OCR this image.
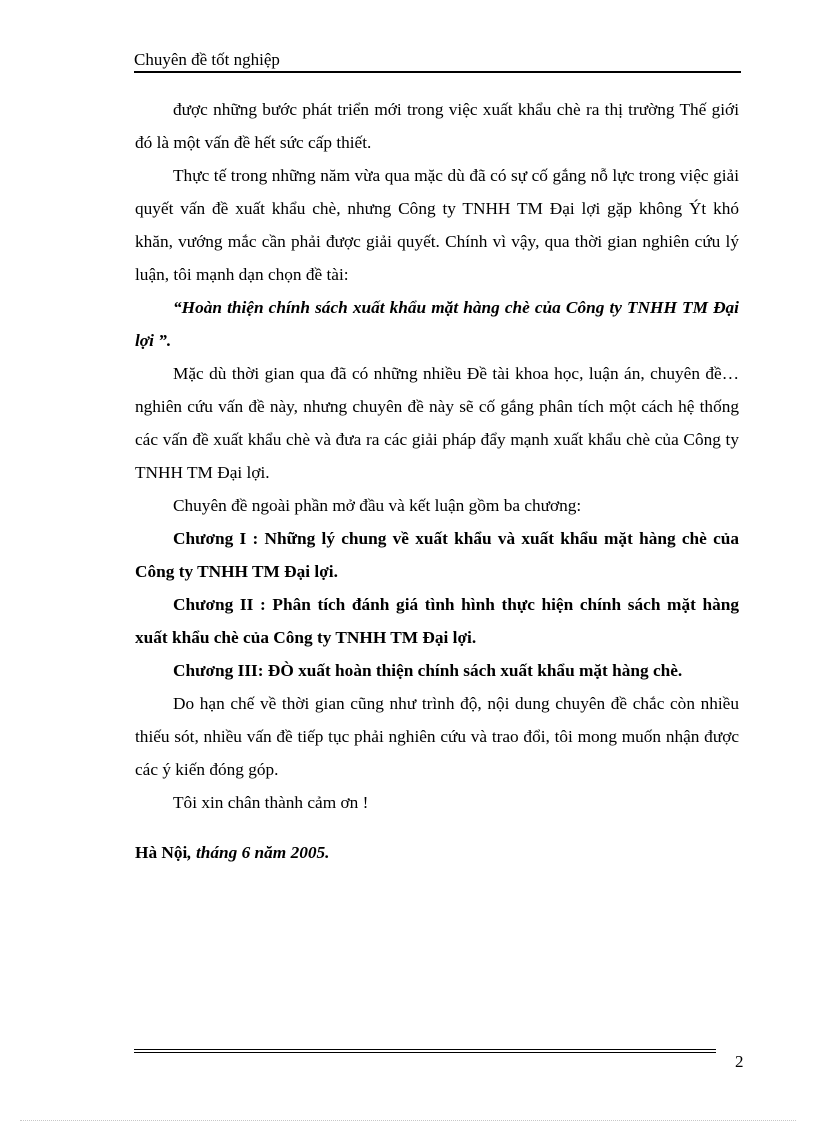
Chuyên đề tốt nghiệp

được những bước phát triển mới trong việc xuất khẩu chè ra thị trường Thế giới đó là một vấn đề hết sức cấp thiết.

Thực tế trong những năm vừa qua mặc dù đã có sự cố gắng nỗ lực trong việc giải quyết vấn đề xuất khẩu chè, nhưng Công ty TNHH TM Đại lợi gặp không Ýt khó khăn, vướng mắc cần phải được giải quyết. Chính vì vậy, qua thời gian nghiên cứu lý luận, tôi mạnh dạn chọn đề tài:

“Hoàn thiện chính sách xuất khẩu mặt hàng chè của Công ty TNHH TM Đại lợi ”.

Mặc dù thời gian qua đã có những nhiều Đề tài khoa học, luận án, chuyên đề… nghiên cứu vấn đề này, nhưng chuyên đề này sẽ cố gắng phân tích một cách hệ thống các vấn đề xuất khẩu chè và đưa ra các giải pháp đẩy mạnh xuất khẩu chè của Công ty TNHH TM Đại lợi.

Chuyên đề ngoài phần mở đầu và kết luận gồm ba chương:

Chương I : Những lý chung về xuất khẩu và xuất khẩu mặt hàng chè của Công ty TNHH TM Đại lợi.

Chương II : Phân tích đánh giá tình hình thực hiện chính sách mặt hàng xuất khẩu chè của Công ty TNHH TM Đại lợi.

Chương III: ĐÒ xuất hoàn thiện chính sách xuất khẩu mặt hàng chè.

Do hạn chế về thời gian cũng như trình độ, nội dung chuyên đề chắc còn nhiều thiếu sót, nhiều vấn đề tiếp tục phải nghiên cứu và trao đổi, tôi mong muốn nhận được các ý kiến đóng góp.

Tôi xin chân thành cảm ơn !

Hà Nội, tháng 6 năm 2005.

2
